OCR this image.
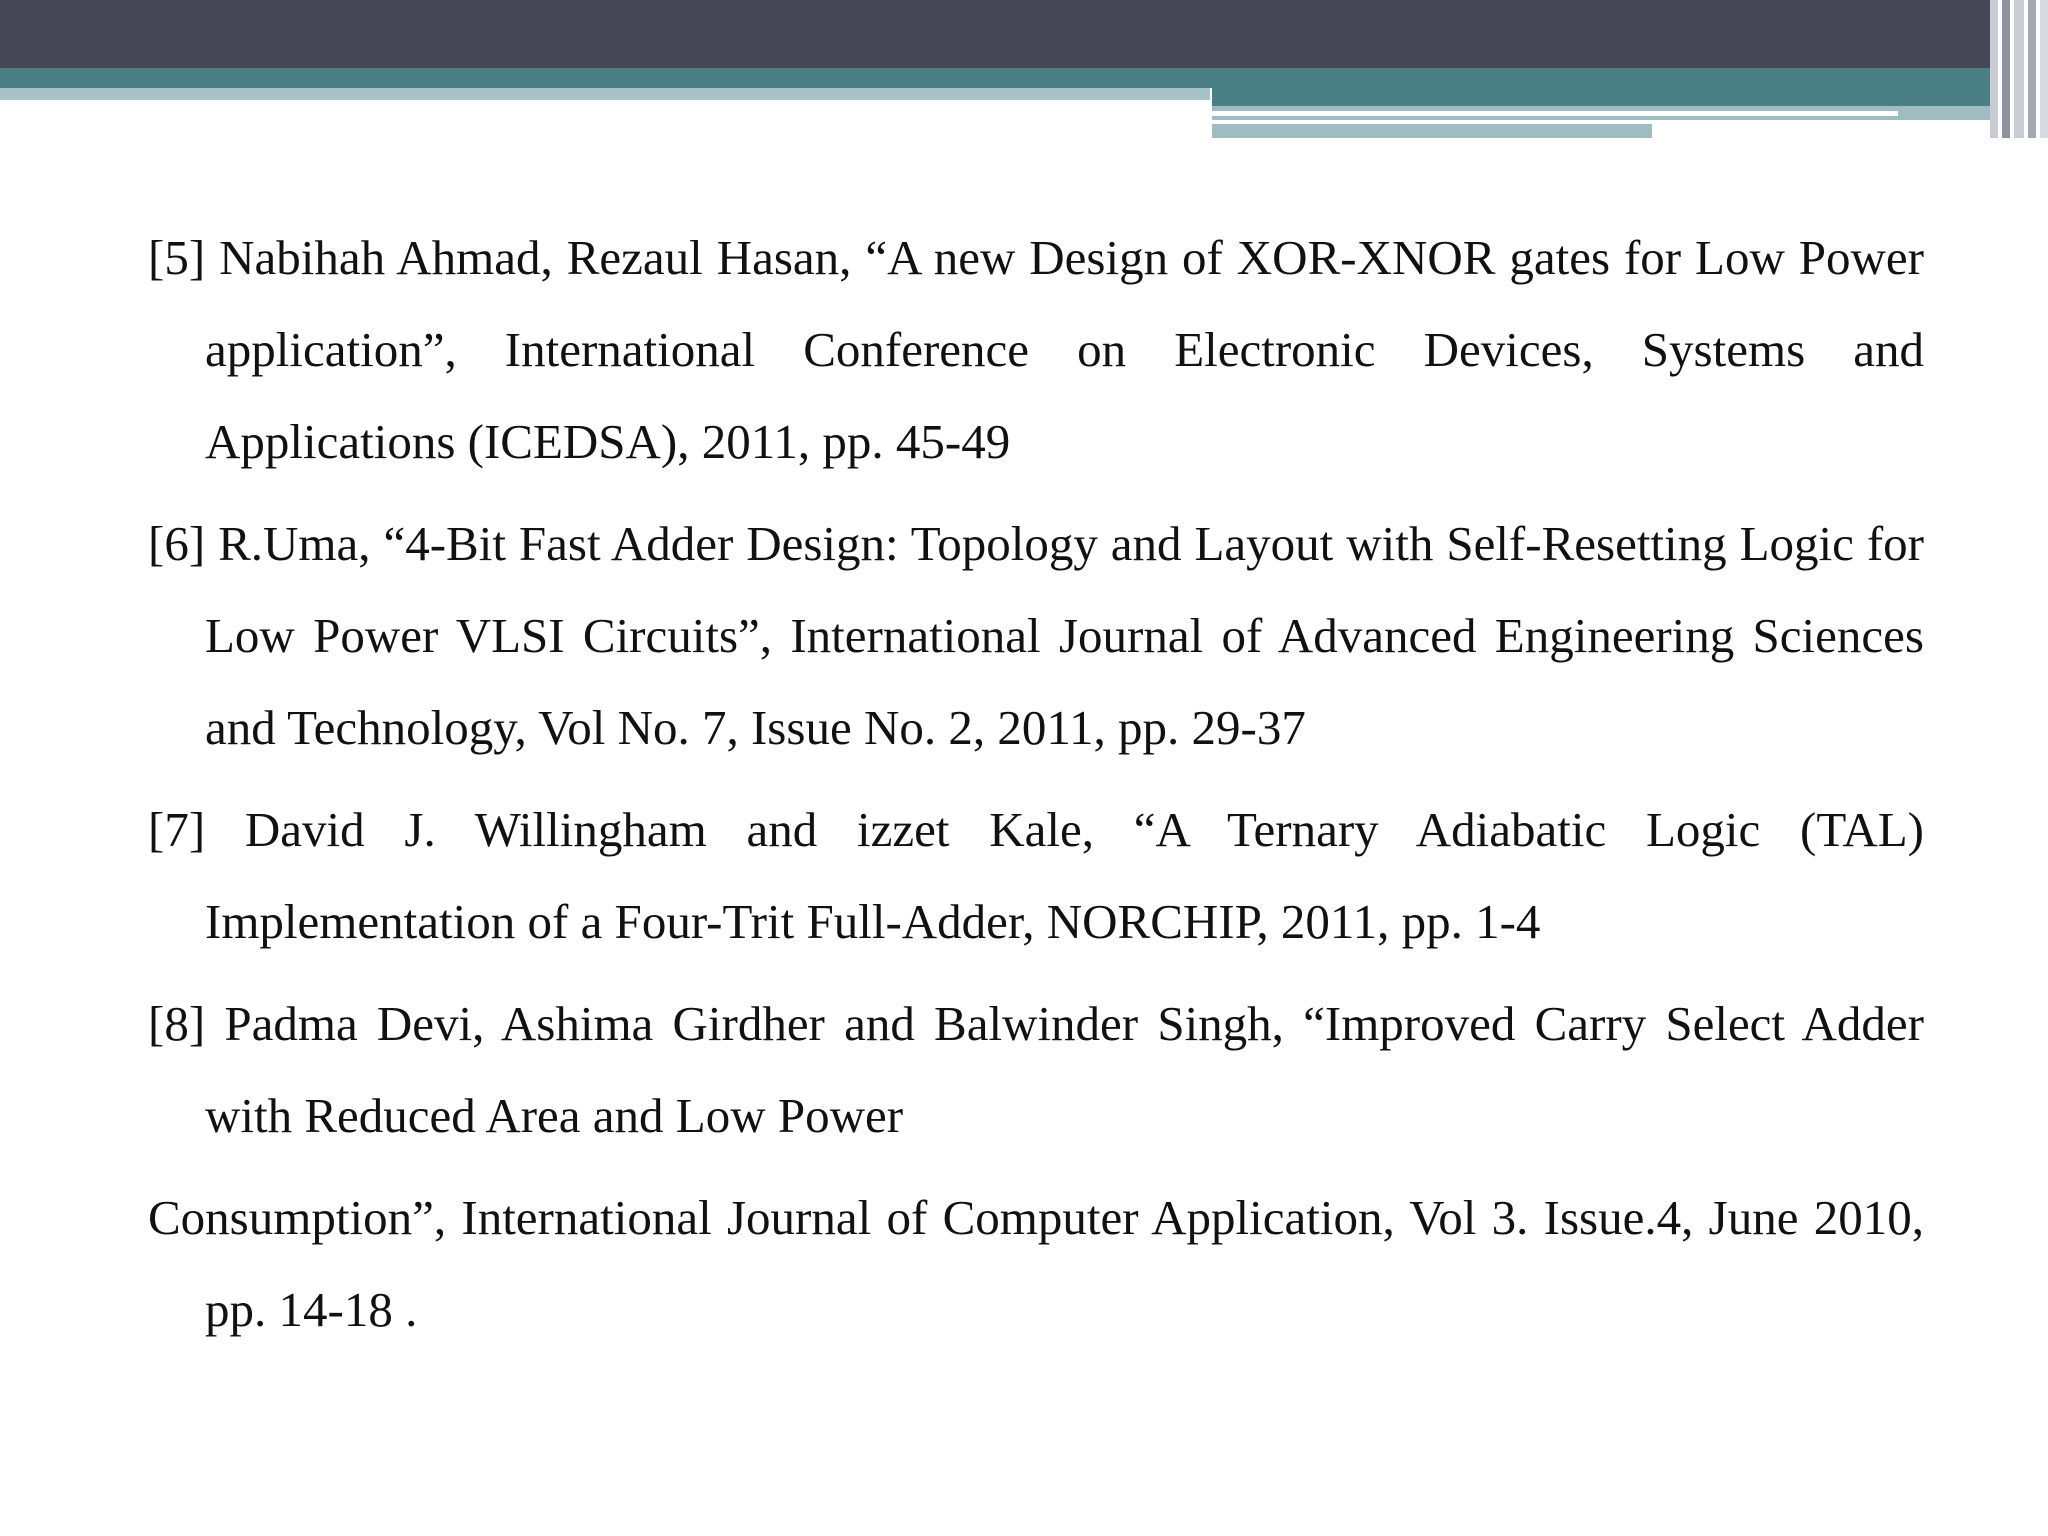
[5] Nabihah Ahmad, Rezaul Hasan, “A new Design of XOR-XNOR gates for Low Power application”, International Conference on Electronic Devices, Systems and Applications (ICEDSA), 2011, pp. 45-49

[6] R.Uma, “4-Bit Fast Adder Design: Topology and Layout with Self-Resetting Logic for Low Power VLSI Circuits”, International Journal of Advanced Engineering Sciences and Technology, Vol No. 7, Issue No. 2, 2011, pp. 29-37

[7] David J. Willingham and izzet Kale, “A Ternary Adiabatic Logic (TAL) Implementation of a Four-Trit Full-Adder, NORCHIP, 2011, pp. 1-4

[8] Padma Devi, Ashima Girdher and Balwinder Singh, “Improved Carry Select Adder with Reduced Area and Low Power

Consumption”, International Journal of Computer Application, Vol 3. Issue.4, June 2010, pp. 14-18 .
